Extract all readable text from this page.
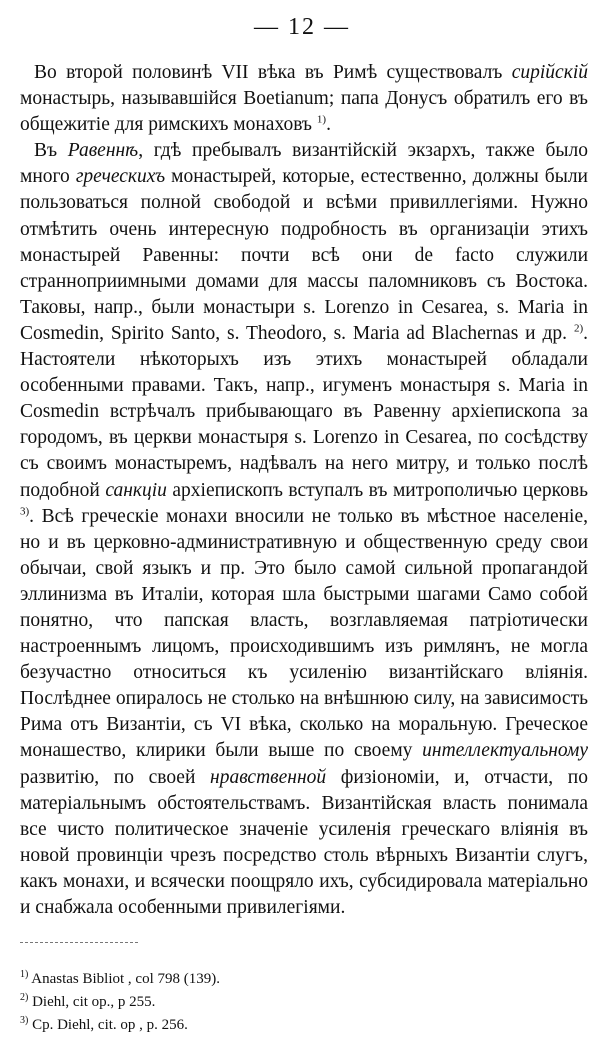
— 12 —

Во второй половинѣ VII вѣка въ Римѣ существовалъ сирійскій монастырь, называвшійся Boetianum; папа Донусъ обратилъ его въ общежитіе для римскихъ монаховъ $^{1)}$.

Въ Равеннѣ, гдѣ пребывалъ византійскій экзархъ, также было много греческихъ монастырей, которые, естественно, должны были пользоваться полной свободой и всѣми привиллегіями. Нужно отмѣтить очень интересную подробность въ организаціи этихъ монастырей Равенны: почти всѣ они de facto служили странноприимными домами для массы паломниковъ съ Востока. Таковы, напр., были монастыри s. Lorenzo in Cesarea, s. Maria in Cosmedin, Spirito Santo, s. Theodoro, s. Maria ad Blachernas и др. $^{2)}$. Настоятели нѣкоторыхъ изъ этихъ монастырей обладали особенными правами. Такъ, напр., игуменъ монастыря s. Maria in Cosmedin встрѣчалъ прибывающаго въ Равенну архіепископа за городомъ, въ церкви монастыря s. Lorenzo in Cesarea, по сосѣдству съ своимъ монастыремъ, надѣвалъ на него митру, и только послѣ подобной санкціи архіепископъ вступалъ въ митрополичью церковь $^{3)}$. Всѣ греческіе монахи вносили не только въ мѣстное населеніе, но и въ церковно-административную и общественную среду свои обычаи, свой языкъ и пр. Это было самой сильной пропагандой эллинизма въ Италіи, которая шла быстрыми шагами Само собой понятно, что папская власть, возглавляемая патріотически настроеннымъ лицомъ, происходившимъ изъ римлянъ, не могла безучастно относиться къ усиленію византійскаго вліянія. Послѣднее опиралось не столько на внѣшнюю силу, на зависимость Рима отъ Византіи, съ VI вѣка, сколько на моральную. Греческое монашество, клирики были выше по своему интеллектуальному развитію, по своей нравственной физіономіи, и, отчасти, по матеріальнымъ обстоятельствамъ. Византійская власть понимала все чисто политическое значеніе усиленія греческаго вліянія въ новой провинціи чрезъ посредство столь вѣрныхъ Византіи слугъ, какъ монахи, и всячески поощряло ихъ, субсидировала матеріально и снабжала особенными привилегіями.

$^{1)}$ Anastas Biblіot , col 798 (139).
$^{2)}$ Diehl, cit op., p 255.
$^{3)}$ Cp. Diehl, cit. op , p. 256.
